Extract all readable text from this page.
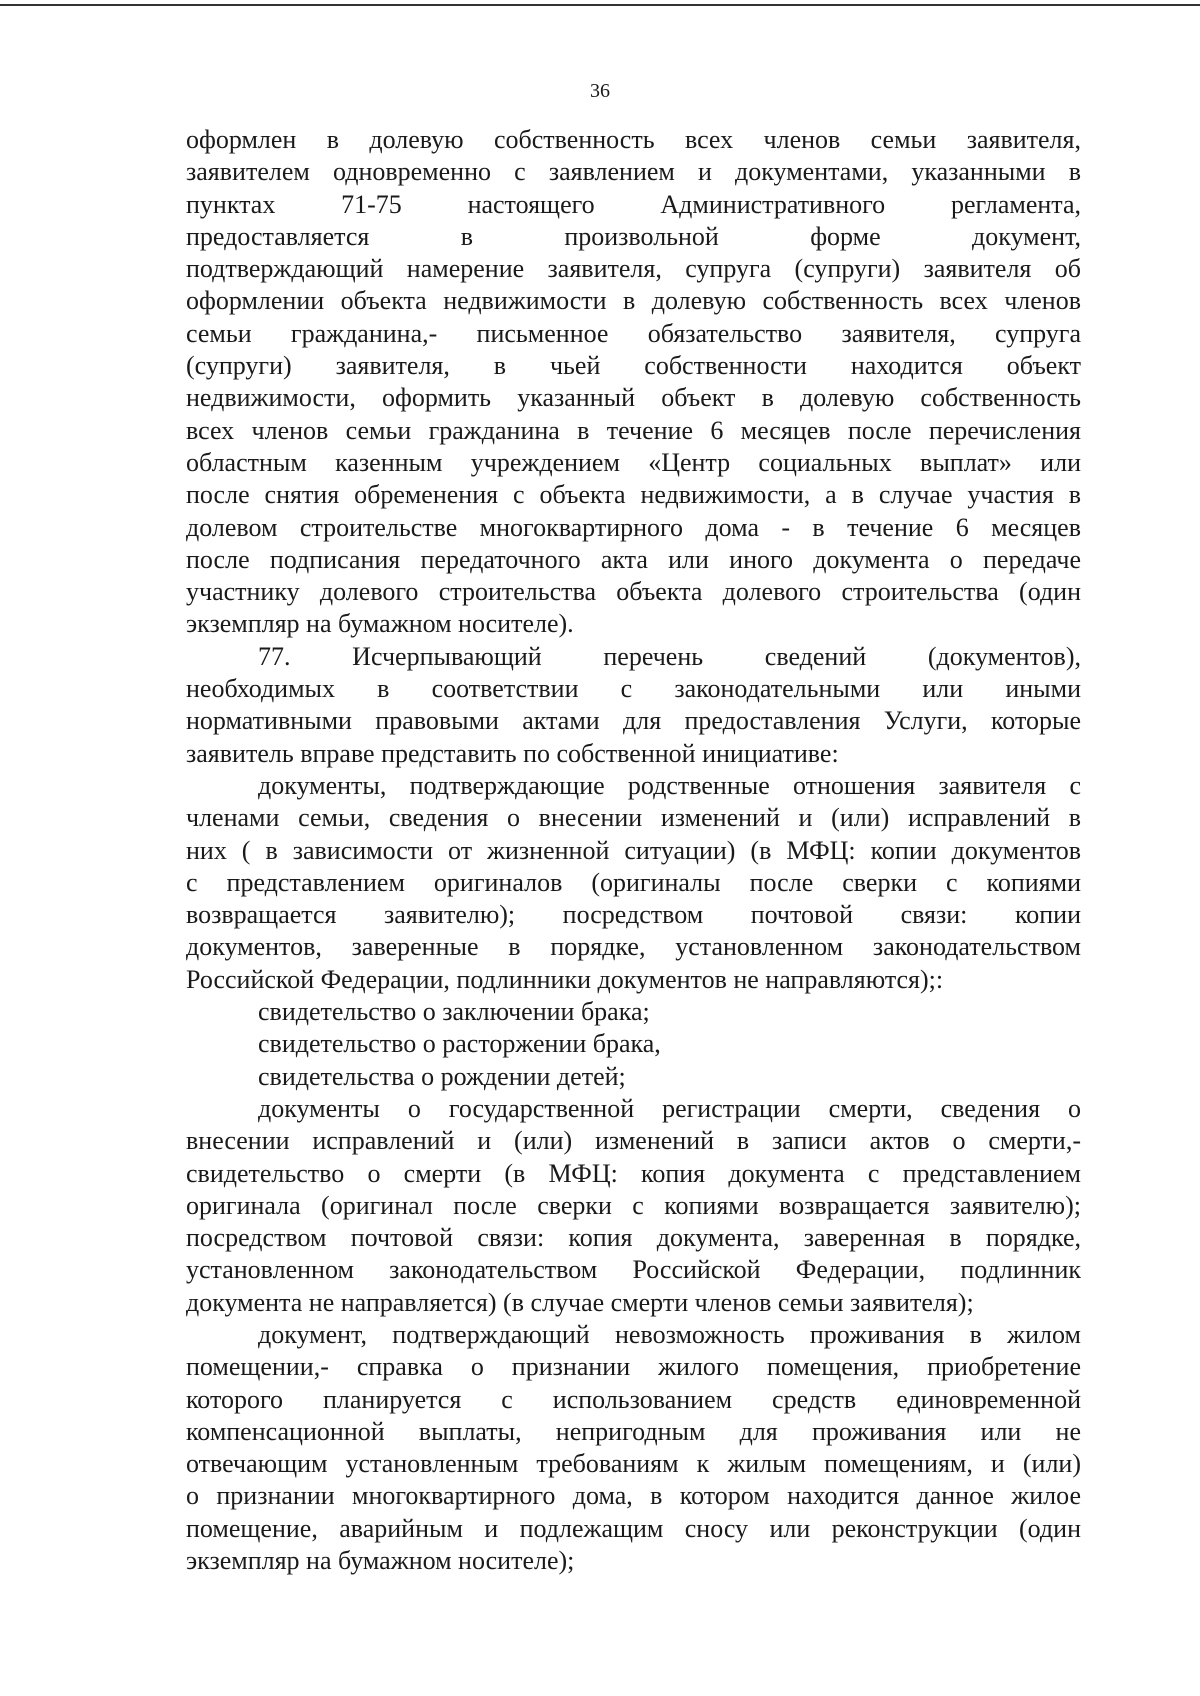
36

оформлен в долевую собственность всех членов семьи заявителя,

заявителем одновременно с заявлением и документами, указанными в

пунктах 71-75 настоящего Административного регламента,

предоставляется в произвольной форме документ,

подтверждающий намерение заявителя, супруга (супруги) заявителя об

оформлении объекта недвижимости в долевую собственность всех членов

семьи гражданина,- письменное обязательство заявителя, супруга

(супруги) заявителя, в чьей собственности находится объект

недвижимости, оформить указанный объект в долевую собственность

всех членов семьи гражданина в течение 6 месяцев после перечисления

областным казенным учреждением «Центр социальных выплат» или

после снятия обременения с объекта недвижимости, а в случае участия в

долевом строительстве многоквартирного дома - в течение 6 месяцев

после подписания передаточного акта или иного документа о передаче

участнику долевого строительства объекта долевого строительства (один

экземпляр на бумажном носителе).

77. Исчерпывающий перечень сведений (документов),

необходимых в соответствии с законодательными или иными

нормативными правовыми актами для предоставления Услуги, которые

заявитель вправе представить по собственной инициативе:

документы, подтверждающие родственные отношения заявителя с

членами семьи, сведения о внесении изменений и (или) исправлений в

них ( в зависимости от жизненной ситуации) (в МФЦ: копии документов

с представлением оригиналов (оригиналы после сверки с копиями

возвращается заявителю); посредством почтовой связи: копии

документов, заверенные в порядке, установленном законодательством

Российской Федерации, подлинники документов не направляются);:

свидетельство о заключении брака;

свидетельство о расторжении брака,

свидетельства о рождении детей;

документы о государственной регистрации смерти, сведения о

внесении исправлений и (или) изменений в записи актов о смерти,-

свидетельство о смерти (в МФЦ: копия документа с представлением

оригинала (оригинал после сверки с копиями возвращается заявителю);

посредством почтовой связи: копия документа, заверенная в порядке,

установленном законодательством Российской Федерации, подлинник

документа не направляется) (в случае смерти членов семьи заявителя);

документ, подтверждающий невозможность проживания в жилом

помещении,- справка о признании жилого помещения, приобретение

которого планируется с использованием средств единовременной

компенсационной выплаты, непригодным для проживания или не

отвечающим установленным требованиям к жилым помещениям, и (или)

о признании многоквартирного дома, в котором находится данное жилое

помещение, аварийным и подлежащим сносу или реконструкции (один

экземпляр на бумажном носителе);
